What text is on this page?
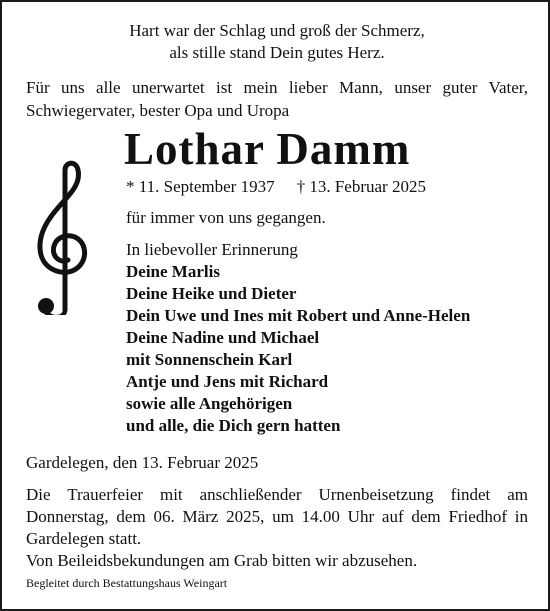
Hart war der Schlag und groß der Schmerz,
als stille stand Dein gutes Herz.
Für uns alle unerwartet ist mein lieber Mann, unser guter Vater,
Schwiegervater, bester Opa und Uropa
Lothar Damm
* 11. September 1937 † 13. Februar 2025
für immer von uns gegangen.
In liebevoller Erinnerung
Deine Marlis
Deine Heike und Dieter
Dein Uwe und Ines mit Robert und Anne-Helen
Deine Nadine und Michael
mit Sonnenschein Karl
Antje und Jens mit Richard
sowie alle Angehörigen
und alle, die Dich gern hatten
Gardelegen, den 13. Februar 2025
Die Trauerfeier mit anschließender Urnenbeisetzung findet am
Donnerstag, dem 06. März 2025, um 14.00 Uhr auf dem Friedhof in
Gardelegen statt.
Von Beileidsbekundungen am Grab bitten wir abzusehen.
Begleitet durch Bestattungshaus Weingart
